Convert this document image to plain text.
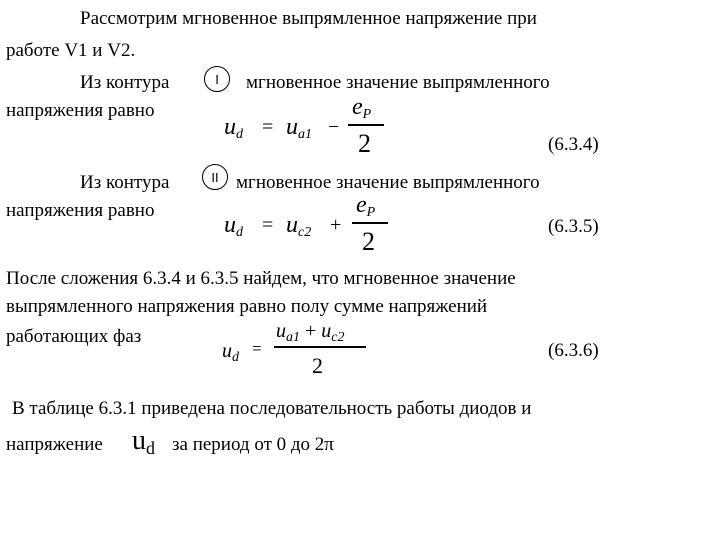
Рассмотрим мгновенное выпрямленное напряжение при
работе V1 и V2.
Из контура	I	мгновенное значение выпрямленного
напряжения равно
$u_d = u_{a1}$ −
$e_P$
2	(6.3.4)
Из контура	II мгновенное значение выпрямленного
напряжения равно
$u_d = u_{c2}$ +
$e_P$
2
(6.3.5)
После сложения 6.3.4 и 6.3.5 найдем, что мгновенное значение
выпрямленного напряжения равно полу сумме напряжений
работающих фаз
$u_d$ =
$u_{a1} + u_{c2}$
2
(6.3.6)
В таблице 6.3.1 приведена последовательность работы диодов и
напряжение $u_d$ за период от 0 до 2π
